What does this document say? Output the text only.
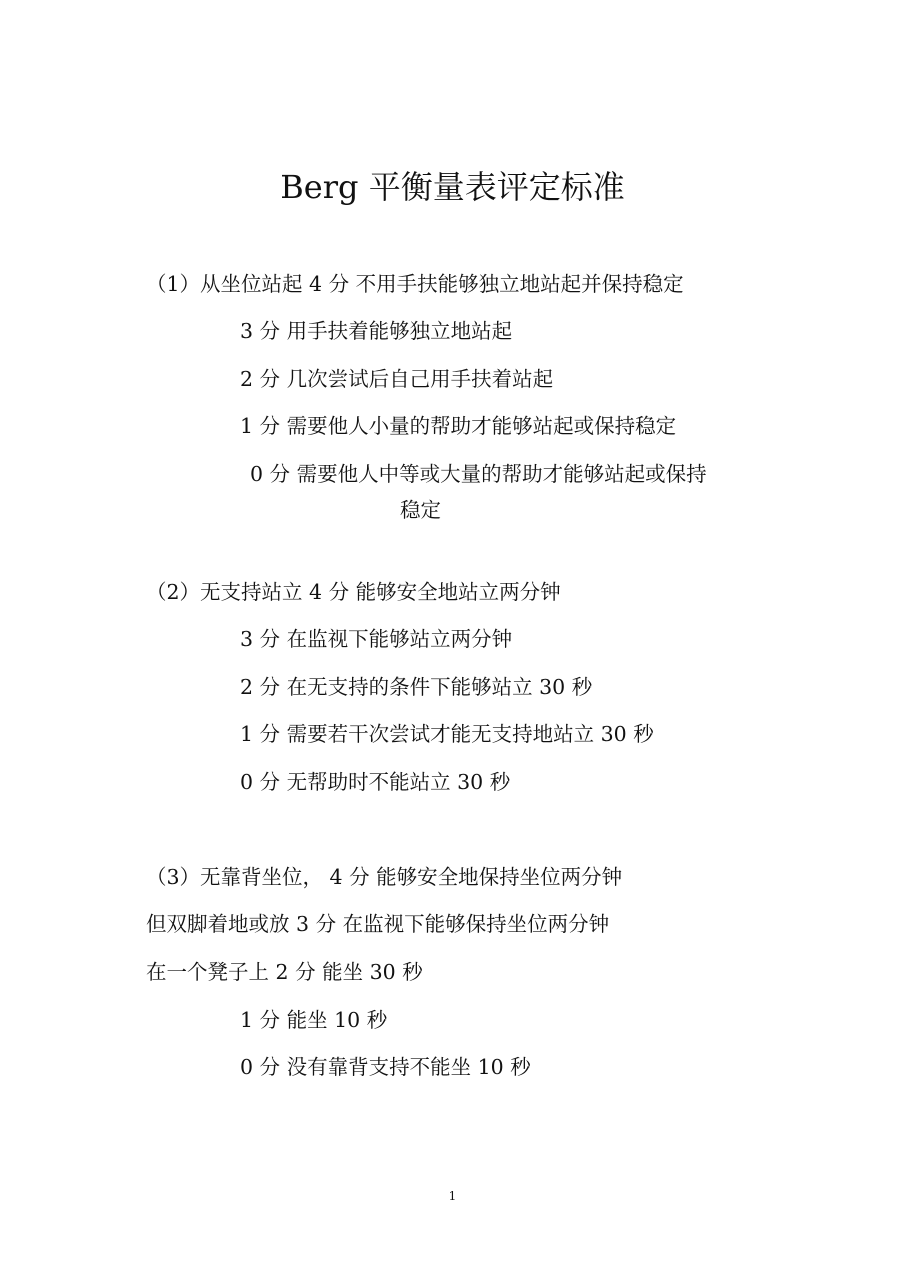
Berg 平衡量表评定标准
（1）从坐位站起 4 分 不用手扶能够独立地站起并保持稳定
3 分 用手扶着能够独立地站起
2 分 几次尝试后自己用手扶着站起
1 分 需要他人小量的帮助才能够站起或保持稳定
0 分 需要他人中等或大量的帮助才能够站起或保持
稳定
（2）无支持站立 4 分 能够安全地站立两分钟
3 分 在监视下能够站立两分钟
2 分 在无支持的条件下能够站立 30 秒
1 分 需要若干次尝试才能无支持地站立 30 秒
0 分 无帮助时不能站立 30 秒
（3）无靠背坐位， 4 分 能够安全地保持坐位两分钟
但双脚着地或放 3 分 在监视下能够保持坐位两分钟
在一个凳子上 2 分 能坐 30 秒
1 分 能坐 10 秒
0 分 没有靠背支持不能坐 10 秒
1
